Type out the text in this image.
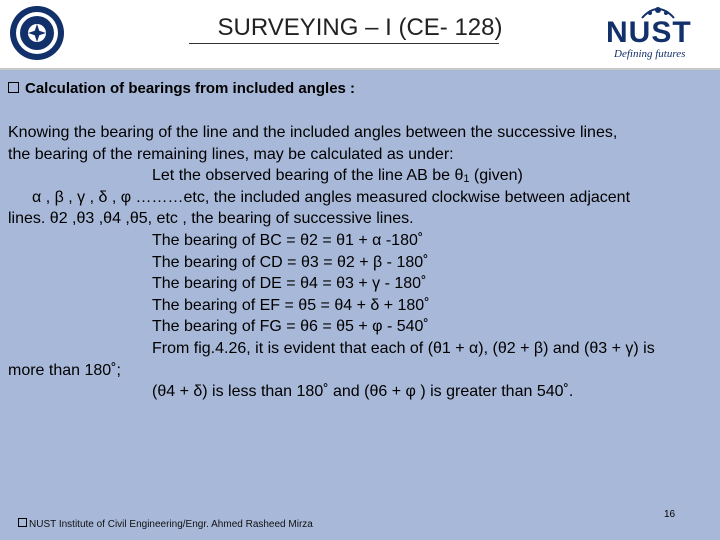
SURVEYING – I (CE- 128)	NUST
Defining futures
Calculation of bearings from included angles :
Knowing the bearing of the line and the included angles between the successive lines,
the bearing of the remaining lines, may be calculated as under:
Let the observed bearing of the line AB be $\theta_1$ (given)
α , β , γ , δ , φ ………etc, the included angles measured clockwise between adjacent
lines. θ2 ,θ3 ,θ4 ,θ5, etc , the bearing of successive lines.
The bearing of BC = θ2 = θ1 + α -180˚
The bearing of CD = θ3 = θ2 + β - 180˚
The bearing of DE = θ4 = θ3 + γ - 180˚
The bearing of EF = θ5 = θ4 + δ + 180˚
The bearing of FG = θ6 = θ5 + φ - 540˚
From fig.4.26, it is evident that each of (θ1 + α), (θ2 + β) and (θ3 + γ) is
more than 180˚;
(θ4 + δ) is less than 180˚ and (θ6 + φ ) is greater than 540˚.
NUST Institute of Civil Engineering/Engr. Ahmed Rasheed Mirza
16
